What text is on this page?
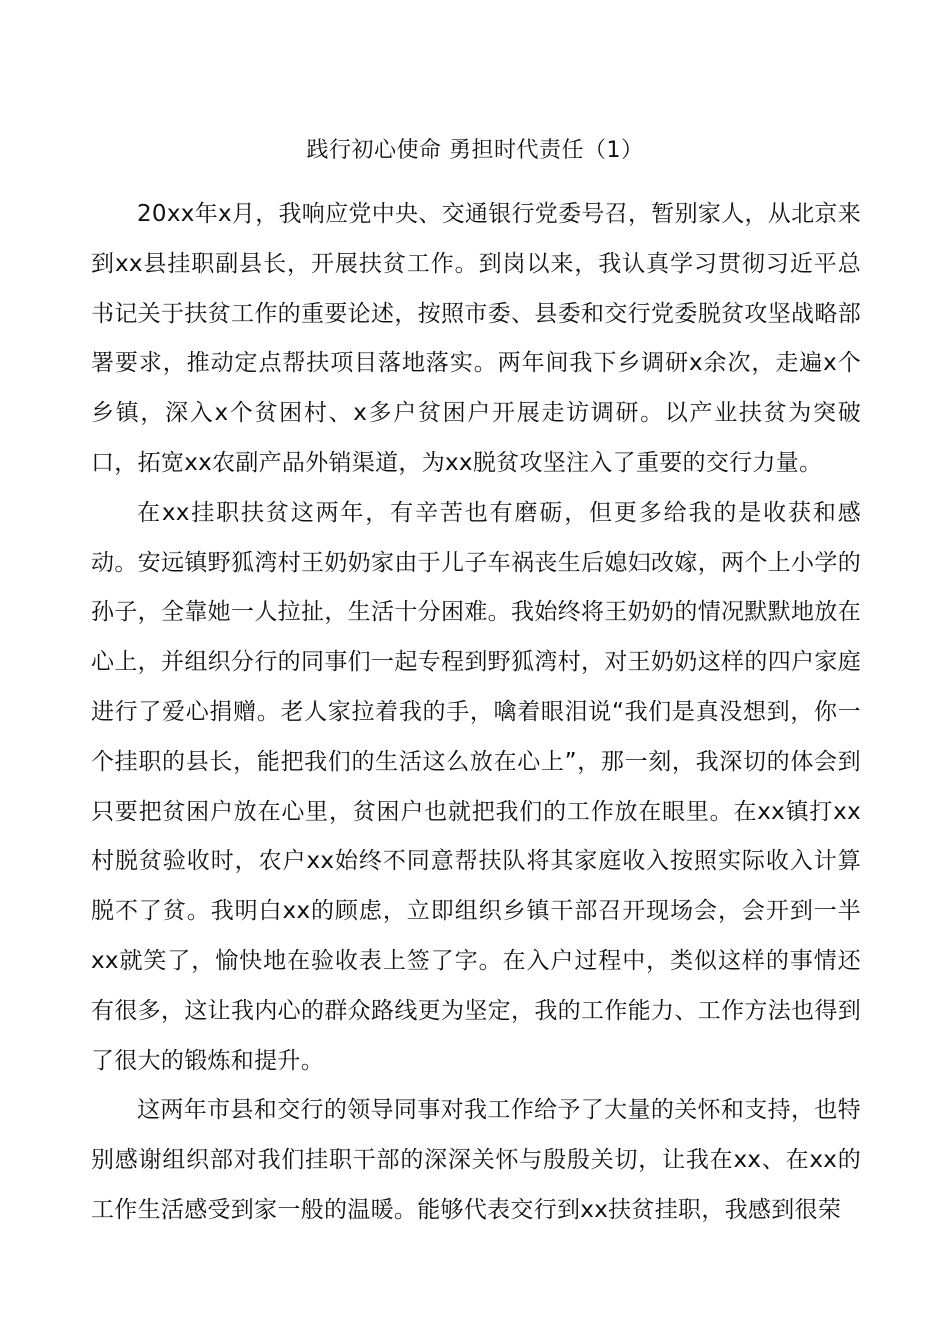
践行初心使命 勇担时代责任（1）

20xx年x月，我响应党中央、交通银行党委号召，暂别家人，从北京来到xx县挂职副县长，开展扶贫工作。到岗以来，我认真学习贯彻习近平总书记关于扶贫工作的重要论述，按照市委、县委和交行党委脱贫攻坚战略部署要求，推动定点帮扶项目落地落实。两年间我下乡调研x余次，走遍x个乡镇，深入x个贫困村、x多户贫困户开展走访调研。以产业扶贫为突破口，拓宽xx农副产品外销渠道，为xx脱贫攻坚注入了重要的交行力量。

在xx挂职扶贫这两年，有辛苦也有磨砺，但更多给我的是收获和感动。安远镇野狐湾村王奶奶家由于儿子车祸丧生后媳妇改嫁，两个上小学的孙子，全靠她一人拉扯，生活十分困难。我始终将王奶奶的情况默默地放在心上，并组织分行的同事们一起专程到野狐湾村，对王奶奶这样的四户家庭进行了爱心捐赠。老人家拉着我的手，噙着眼泪说“我们是真没想到，你一个挂职的县长，能把我们的生活这么放在心上”，那一刻，我深切的体会到只要把贫困户放在心里，贫困户也就把我们的工作放在眼里。在xx镇打xx村脱贫验收时，农户xx始终不同意帮扶队将其家庭收入按照实际收入计算脱不了贫。我明白xx的顾虑，立即组织乡镇干部召开现场会，会开到一半xx就笑了，愉快地在验收表上签了字。在入户过程中，类似这样的事情还有很多，这让我内心的群众路线更为坚定，我的工作能力、工作方法也得到了很大的锻炼和提升。

这两年市县和交行的领导同事对我工作给予了大量的关怀和支持，也特别感谢组织部对我们挂职干部的深深关怀与殷殷关切，让我在xx、在xx的工作生活感受到家一般的温暖。能够代表交行到xx扶贫挂职，我感到很荣
